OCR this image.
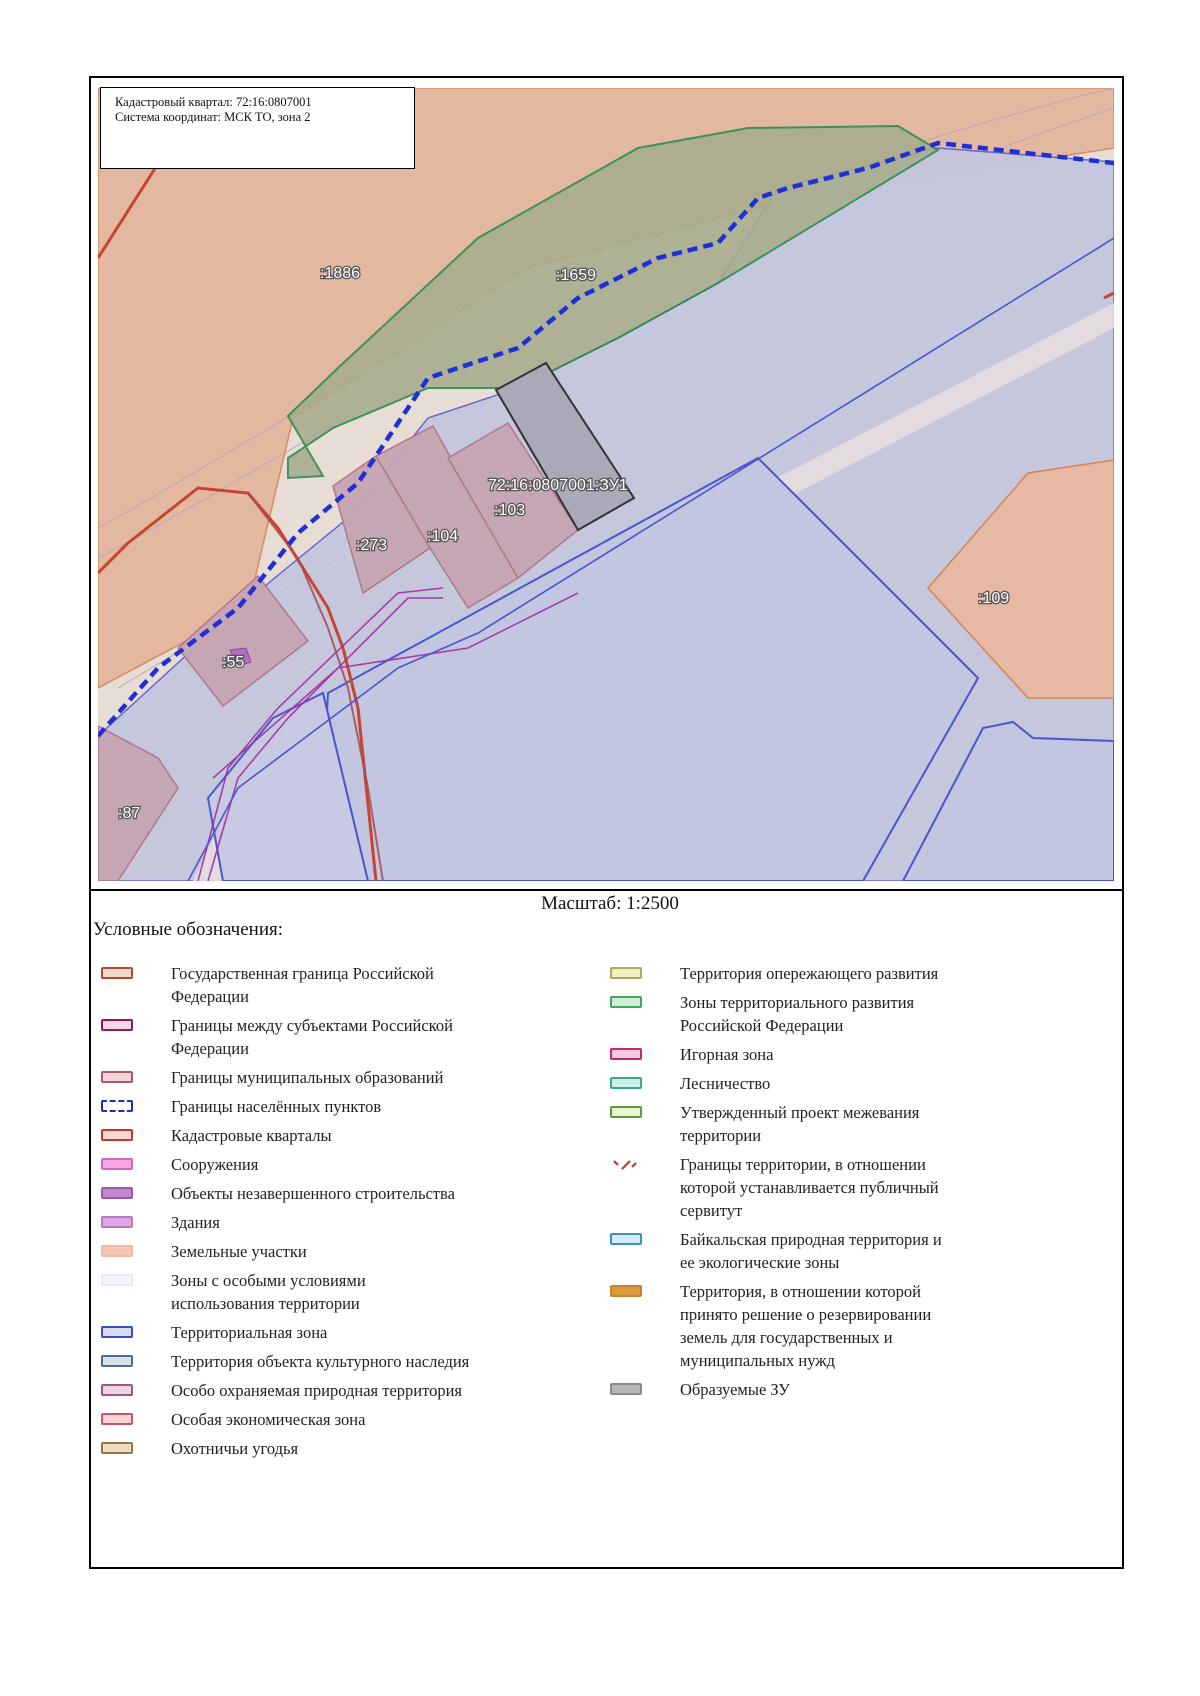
:1886	:1659
72:16:0807001:ЗУ1
:103
:104
:273
:55
:87
:109
Кадастровый квартал: 72:16:0807001
Система координат: МСК ТО, зона 2
Масштаб: 1:2500
Условные обозначения:
Государственная граница Российской Федерации
Границы между субъектами Российской Федерации
Границы муниципальных образований
Границы населённых пунктов
Кадастровые кварталы
Сооружения
Объекты незавершенного строительства
Здания
Земельные участки
Зоны с особыми условиями использования территории
Территориальная зона
Территория объекта культурного наследия
Особо охраняемая природная территория
Особая экономическая зона
Охотничьи угодья
Территория опережающего развития
Зоны территориального развития Российской Федерации
Игорная зона
Лесничество
Утвержденный проект межевания территории
Границы территории, в отношении которой устанавливается публичный сервитут
Байкальская природная территория и ее экологические зоны
Территория, в отношении которой принято решение о резервировании земель для государственных и муниципальных нужд
Образуемые ЗУ
